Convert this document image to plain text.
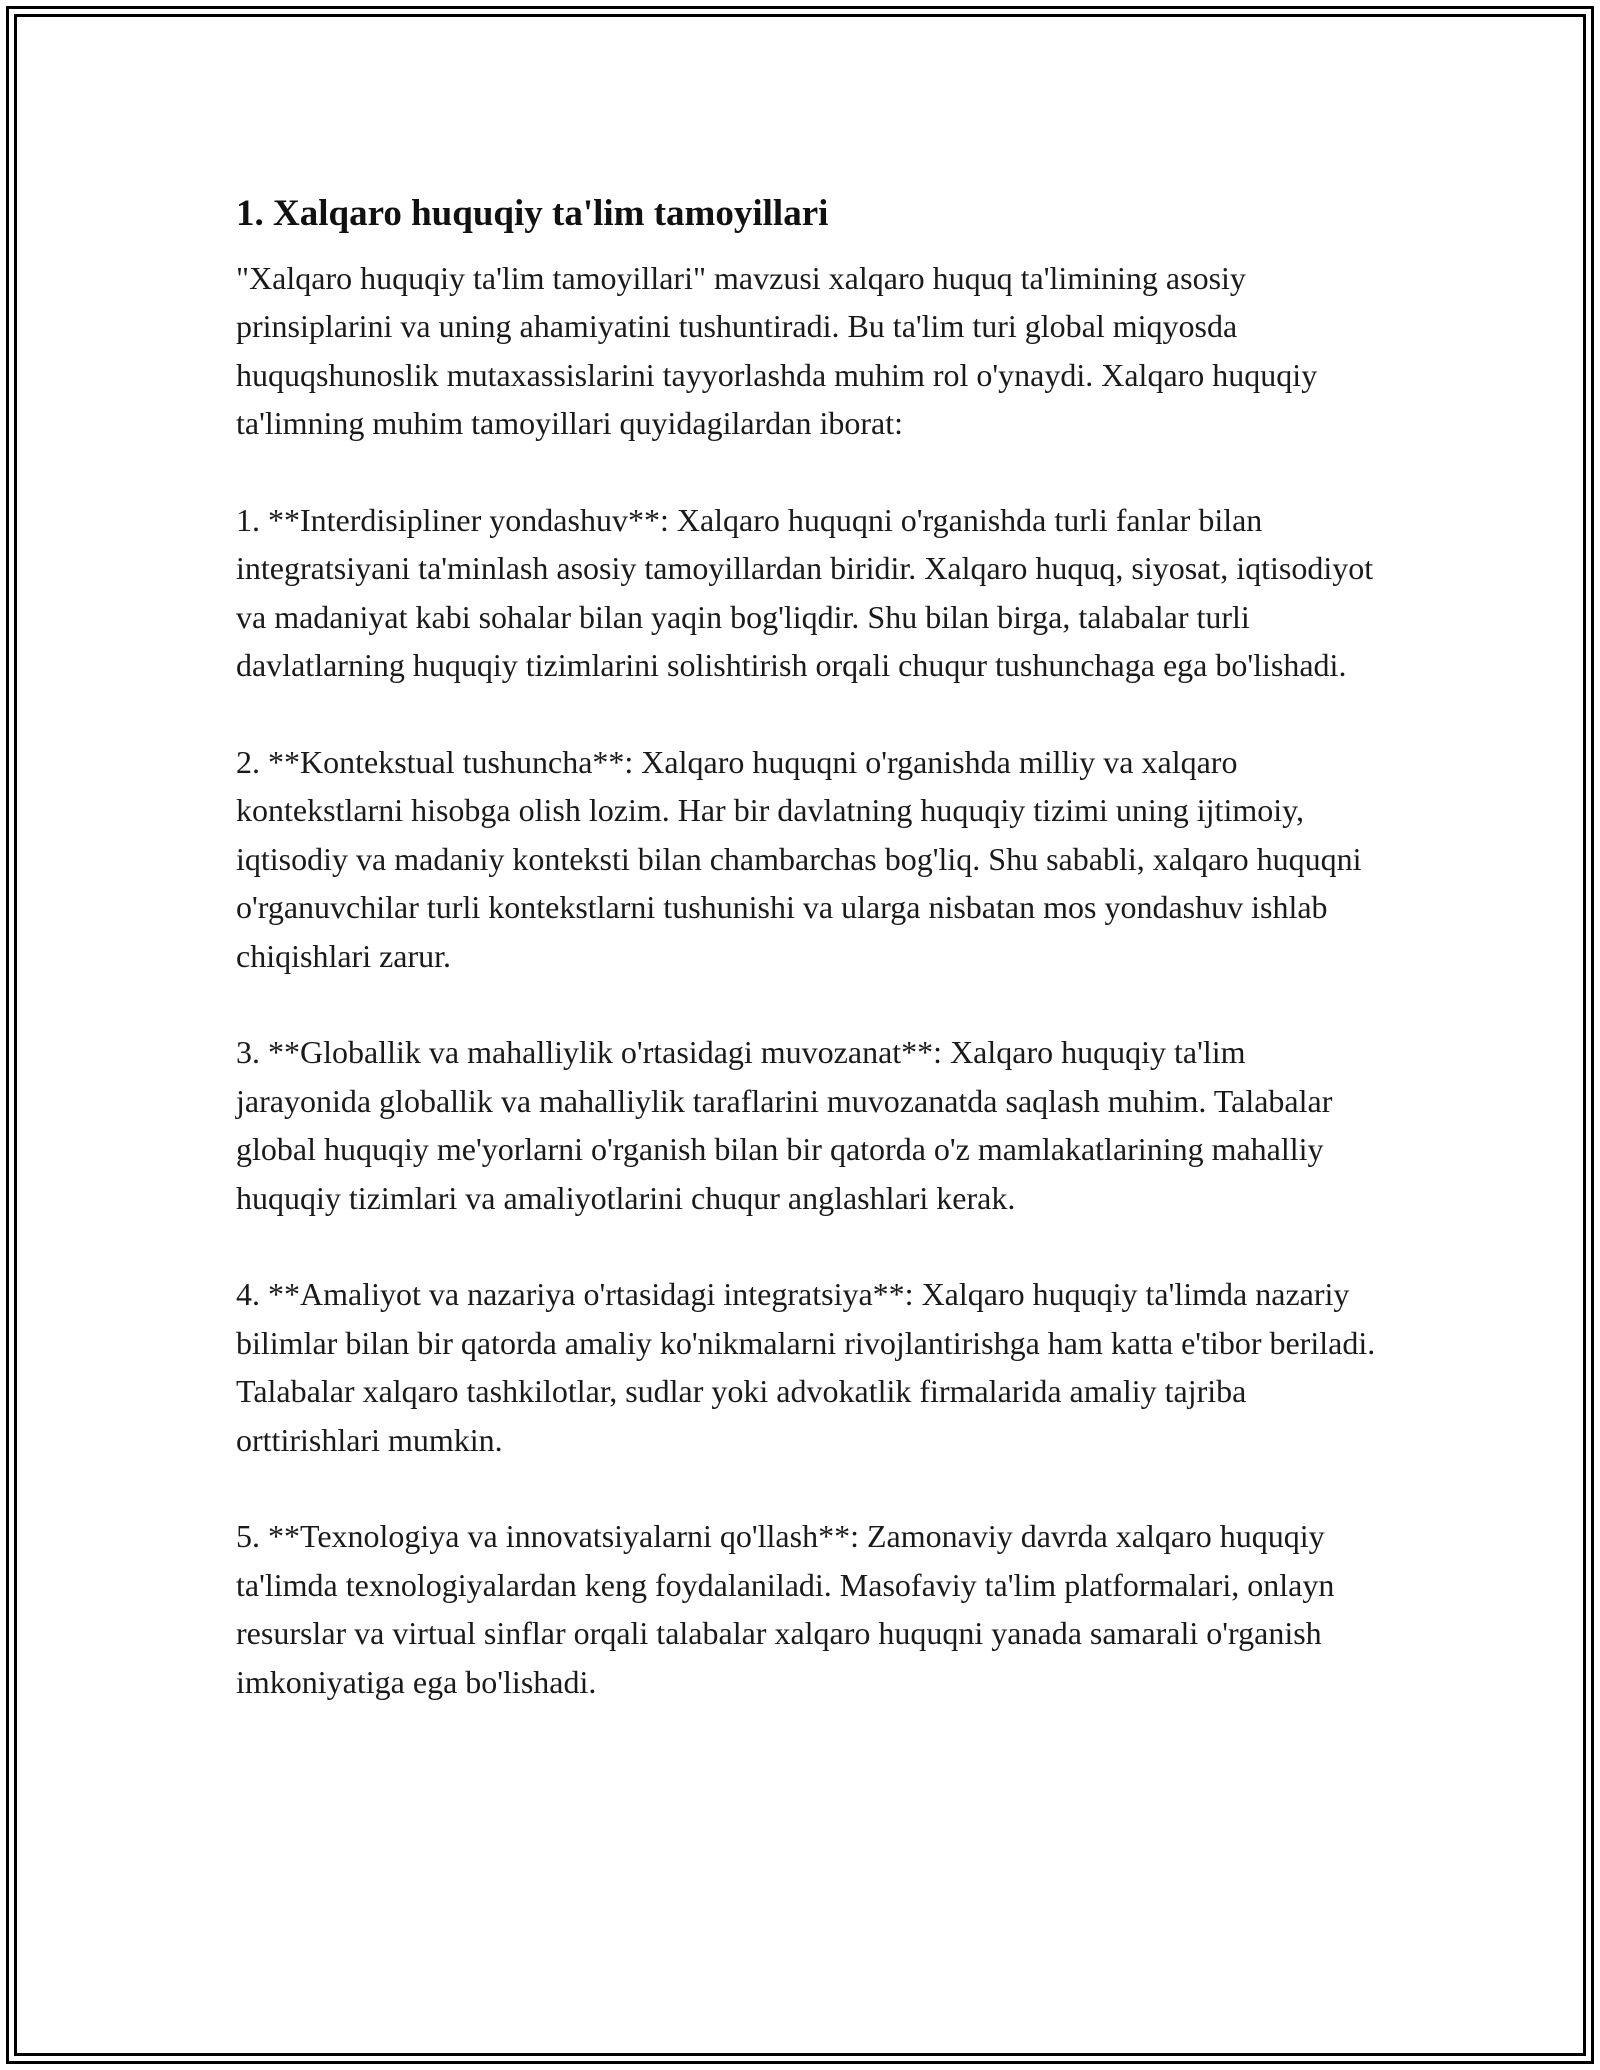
1. Xalqaro huquqiy ta'lim tamoyillari

"Xalqaro huquqiy ta'lim tamoyillari" mavzusi xalqaro huquq ta'limining asosiy prinsiplarini va uning ahamiyatini tushuntiradi. Bu ta'lim turi global miqyosda huquqshunoslik mutaxassislarini tayyorlashda muhim rol o'ynaydi. Xalqaro huquqiy ta'limning muhim tamoyillari quyidagilardan iborat:

1. **Interdisipliner yondashuv**: Xalqaro huquqni o'rganishda turli fanlar bilan integratsiyani ta'minlash asosiy tamoyillardan biridir. Xalqaro huquq, siyosat, iqtisodiyot va madaniyat kabi sohalar bilan yaqin bog'liqdir. Shu bilan birga, talabalar turli davlatlarning huquqiy tizimlarini solishtirish orqali chuqur tushunchaga ega bo'lishadi.

2. **Kontekstual tushuncha**: Xalqaro huquqni o'rganishda milliy va xalqaro kontekstlarni hisobga olish lozim. Har bir davlatning huquqiy tizimi uning ijtimoiy, iqtisodiy va madaniy konteksti bilan chambarchas bog'liq. Shu sababli, xalqaro huquqni o'rganuvchilar turli kontekstlarni tushunishi va ularga nisbatan mos yondashuv ishlab chiqishlari zarur.

3. **Globallik va mahalliylik o'rtasidagi muvozanat**: Xalqaro huquqiy ta'lim jarayonida globallik va mahalliylik taraflarini muvozanatda saqlash muhim. Talabalar global huquqiy me'yorlarni o'rganish bilan bir qatorda o'z mamlakatlarining mahalliy huquqiy tizimlari va amaliyotlarini chuqur anglashlari kerak.

4. **Amaliyot va nazariya o'rtasidagi integratsiya**: Xalqaro huquqiy ta'limda nazariy bilimlar bilan bir qatorda amaliy ko'nikmalarni rivojlantirishga ham katta e'tibor beriladi. Talabalar xalqaro tashkilotlar, sudlar yoki advokatlik firmalarida amaliy tajriba orttirishlari mumkin.

5. **Texnologiya va innovatsiyalarni qo'llash**: Zamonaviy davrda xalqaro huquqiy ta'limda texnologiyalardan keng foydalaniladi. Masofaviy ta'lim platformalari, onlayn resurslar va virtual sinflar orqali talabalar xalqaro huquqni yanada samarali o'rganish imkoniyatiga ega bo'lishadi.
